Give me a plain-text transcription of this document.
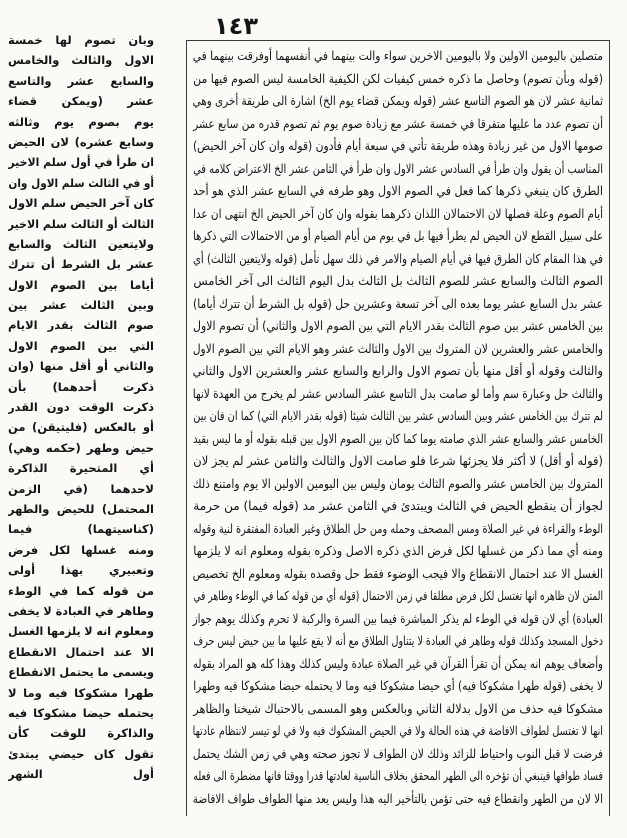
١٤٣
وبان تصوم لها خمسة
الاول والثالث والخامس
والسابع عشر والتاسع
عشر (ويمكن قضاء
يوم بصوم يوم وثالثه
وسابع عشره) لان الحيض
ان طرأ في أول سلم الاخير
أو في الثالث سلم الاول وان
كان آخر الحيض سلم الاول
الثالث أو الثالث سلم الاخير
ولايتعين الثالث والسابع
عشر بل الشرط أن تترك
أياما بين الصوم الاول
وبين الثالث عشر بين
صوم الثالث بقدر الايام
التي بين الصوم الاول
والثاني أو أقل منها (وان
ذكرت أحدهما) بأن
ذكرت الوقت دون القدر
أو بالعكس (فليتيقن) من
حيض وطهر (حكمه وهي)
أي المتحيرة الذاكرة
لاحدهما (في الزمن
المحتمل) للحيض والطهر
(كناسيتهما) فيما
ومنه غسلها لكل فرض
وتعبيري بهذا أولى
من قوله كما في الوطء
وطاهر في العبادة لا يخفى
ومعلوم انه لا يلزمها الغسل
الا عند احتمال الانقطاع
ويسمى ما يحتمل الانقطاع
طهرا مشكوكا فيه وما لا
يحتمله حيضا مشكوكا فيه
والذاكرة للوقت كأن
تقول كان حيضي يبتدئ
أول الشهر
متصلين باليومين الاولين ولا باليومين الاخرين سواء والت بينهما في أنفسهما أوفرقت بينهما في
(قوله وبأن تصوم) وحاصل ما ذكره خمس كيفيات لكن الكيفية الخامسة ليس الصوم فيها من
ثمانية عشر لان هو الصوم التاسع عشر (قوله ويمكن قضاء يوم الخ) اشارة الى طريقة أخرى وهي
أن تصوم عدد ما عليها متفرقا في خمسة عشر مع زيادة صوم يوم ثم تصوم قدره من سابع عشر
صومها الاول من غير زيادة وهذه طريقة تأتي في سبعة أيام فأدون (قوله وان كان آخر الحيض)
المناسب أن يقول وان طرأ في السادس عشر الاول وان طرأ في الثامن عشر الخ الاعتراض كلامه في
الطرق كان ينبغي ذكرها كما فعل في الصوم الاول وهو طرفه في السابع عشر الذي هو أحد
أيام الصوم وعلة فصلها لان الاحتمالان اللذان ذكرهما بقوله وان كان آخر الحيض الخ انتهى ان عدا
على سبيل القطع لان الحيض لم يطرأ فيها بل في يوم من أيام الصيام أو من الاحتمالات التي ذكرها
في هذا المقام كان الطرق فيها في أيام الصيام والامر في ذلك سهل تأمل (قوله ولايتعين الثالث) أي
الصوم الثالث والسابع عشر للصوم الثالث بل الثالث بدل اليوم الثالث الى آخر الخامس
عشر بدل السابع عشر يوما بعده الى آخر تسعة وعشرين حل (قوله بل الشرط أن تترك أياما)
بين الخامس عشر بين صوم الثالث بقدر الايام التي بين الصوم الاول والثاني) أن تصوم الاول
والخامس عشر والعشرين لان المتروك بين الاول والثالث عشر وهو الايام التي بين الصوم الاول
والثالث وقوله أو أقل منها بأن تصوم الاول والرابع والسابع عشر والعشرين الاول والثاني
والثالث حل وعبارة سم وأما لو صامت بدل التاسع عشر السادس عشر لم يخرج من العهدة لانها
لم تترك بين الخامس عشر وبين السادس عشر بين الثالث شيئا (قوله بقدر الايام التي) كما ان فان بين
الخامس عشر والسابع عشر الذي صامته يوما كما كان بين الصوم الاول بين قبله بقوله أو ما ليس بقيد
(قوله أو أقل) لا أكثر فلا يجزئها شرعا فلو صامت الاول والثالث والثامن عشر لم يجز لان
المتروك بين الخامس عشر والصوم الثالث يومان وليس بين اليومين الاولين الا يوم وامتنع ذلك
لجواز أن ينقطع الحيض في الثالث ويبتدئ في الثامن عشر مد (قوله فيما) من حرمة
الوطء والقراءة في غير الصلاة ومس المصحف وحمله ومن حل الطلاق وغير العبادة المفتقرة لنية وقوله
ومنه أي مما ذكر من غسلها لكل فرض الذي ذكره الاصل وذكره بقوله ومعلوم انه لا يلزمها
الغسل الا عند احتمال الانقطاع والا فيجب الوضوء فقط حل وقصده بقوله ومعلوم الخ تخصيص
المتن لان ظاهره انها تغتسل لكل فرض مطلقا في زمن الاحتمال (قوله أي من قوله كما في الوطء وطاهر في
العبادة) أي لان قوله في الوطء لم يذكر المباشرة فيما بين السرة والركبة لا تحرم وكذلك يوهم جواز
دخول المسجد وكذلك قوله وطاهر في العبادة لا يتناول الطلاق مع أنه لا يقع عليها ما بين حيض ليس حرف
وأضعاف يوهم انه يمكن أن تقرأ القرآن في غير الصلاة عبادة وليس كذلك وهذا كله هو المراد بقوله
لا يخفى (قوله طهرا مشكوكا فيه) أي حيضا مشكوكا فيه وما لا يحتمله حيضا مشكوكا فيه وطهرا
مشكوكا فيه حذف من الاول بدلالة الثاني وبالعكس وهو المسمى بالاحتباك شيخنا والظاهر
انها لا تغتسل لطواف الافاضة في هذه الحالة ولا في الحيض المشكوك فيه ولا في لو تيسر لانتظام عادتها
فرضت لا قبل النوب واحتياط للزائد وذلك لان الطواف لا تجوز صحته وهي في زمن الشك يحتمل
فساد طوافها فينبغي أن تؤخره الى الطهر المحقق بخلاف الناسية لعادتها قدرا ووقتا فانها مضطرة الى فعله
الا لان من الطهر وانقطاع فيه حتى تؤمن بالتأخير اليه هذا وليس يعد منها الطواف طواف الافاضة
